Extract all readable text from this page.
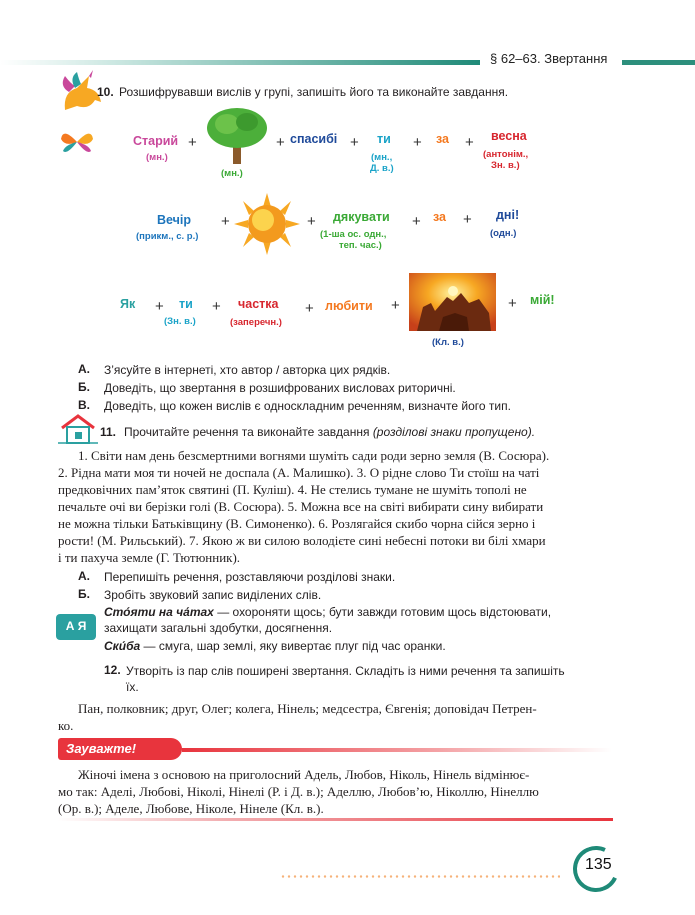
§ 62–63. Звертання
10. Розшифрувавши вислів у групі, запишіть його та виконайте завдання.
Старий
(мн.)
+
(мн.)
+ спасибі + ти
(мн.,
Д. в.)
+ за + весна
(антонім.,
Зн. в.)
Вечір
(прикм., с. р.)
+	+ дякувати
(1-ша ос. одн.,
теп. час.)
+ за + дні!
(одн.)
Як + ти
(Зн. в.)
+ частка
(заперечн.)
+ любити +
(Кл. в.)
+ мій!
А. З’ясуйте в інтернеті, хто автор / авторка цих рядків.
Б. Доведіть, що звертання в розшифрованих висловах риторичні.
В. Доведіть, що кожен вислів є односкладним реченням, визначте його тип.
11. Прочитайте речення та виконайте завдання (розділові знаки пропущено).
1. Світи нам день безсмертними вогнями шуміть сади роди зерно земля (В. Сосюра).
2. Рідна мати моя ти ночей не доспала (А. Малишко). 3. О рідне слово Ти стоїш на чаті
предковічних пам’яток святині (П. Куліш). 4. Не стелись тумане не шуміть тополі не
печальте очі ви берізки голі (В. Сосюра). 5. Можна все на світі вибирати сину вибирати
не можна тільки Батьківщину (В. Симоненко). 6. Розлягайся скибо чорна сійся зерно і
рости! (М. Рильський). 7. Якою ж ви силою володієте сині небесні потоки ви білі хмари
і ти пахуча земле (Г. Тютюнник).
А. Перепишіть речення, розставляючи розділові знаки.
Б. Зробіть звуковий запис виділених слів.
А Я
Сто́яти на ча́тах — охороняти щось; бути завжди готовим щось відстоювати,
захищати загальні здобутки, досягнення.
Ски́ба — смуга, шар землі, яку вивертає плуг під час оранки.
12. Утворіть із пар слів поширені звертання. Складіть із ними речення та запишіть
їх.
Пан, полковник; друг, Олег; колега, Нінель; медсестра, Євгенія; доповідач Петрен-
ко.
Зауважте!
Жіночі імена з основою на приголосний Адель, Любов, Ніколь, Нінель відмінює-
мо так: Аделі, Любові, Ніколі, Нінелі (Р. і Д. в.); Аделлю, Любов’ю, Ніколлю, Нінеллю
(Ор. в.); Аделе, Любове, Ніколе, Нінеле (Кл. в.).
135
